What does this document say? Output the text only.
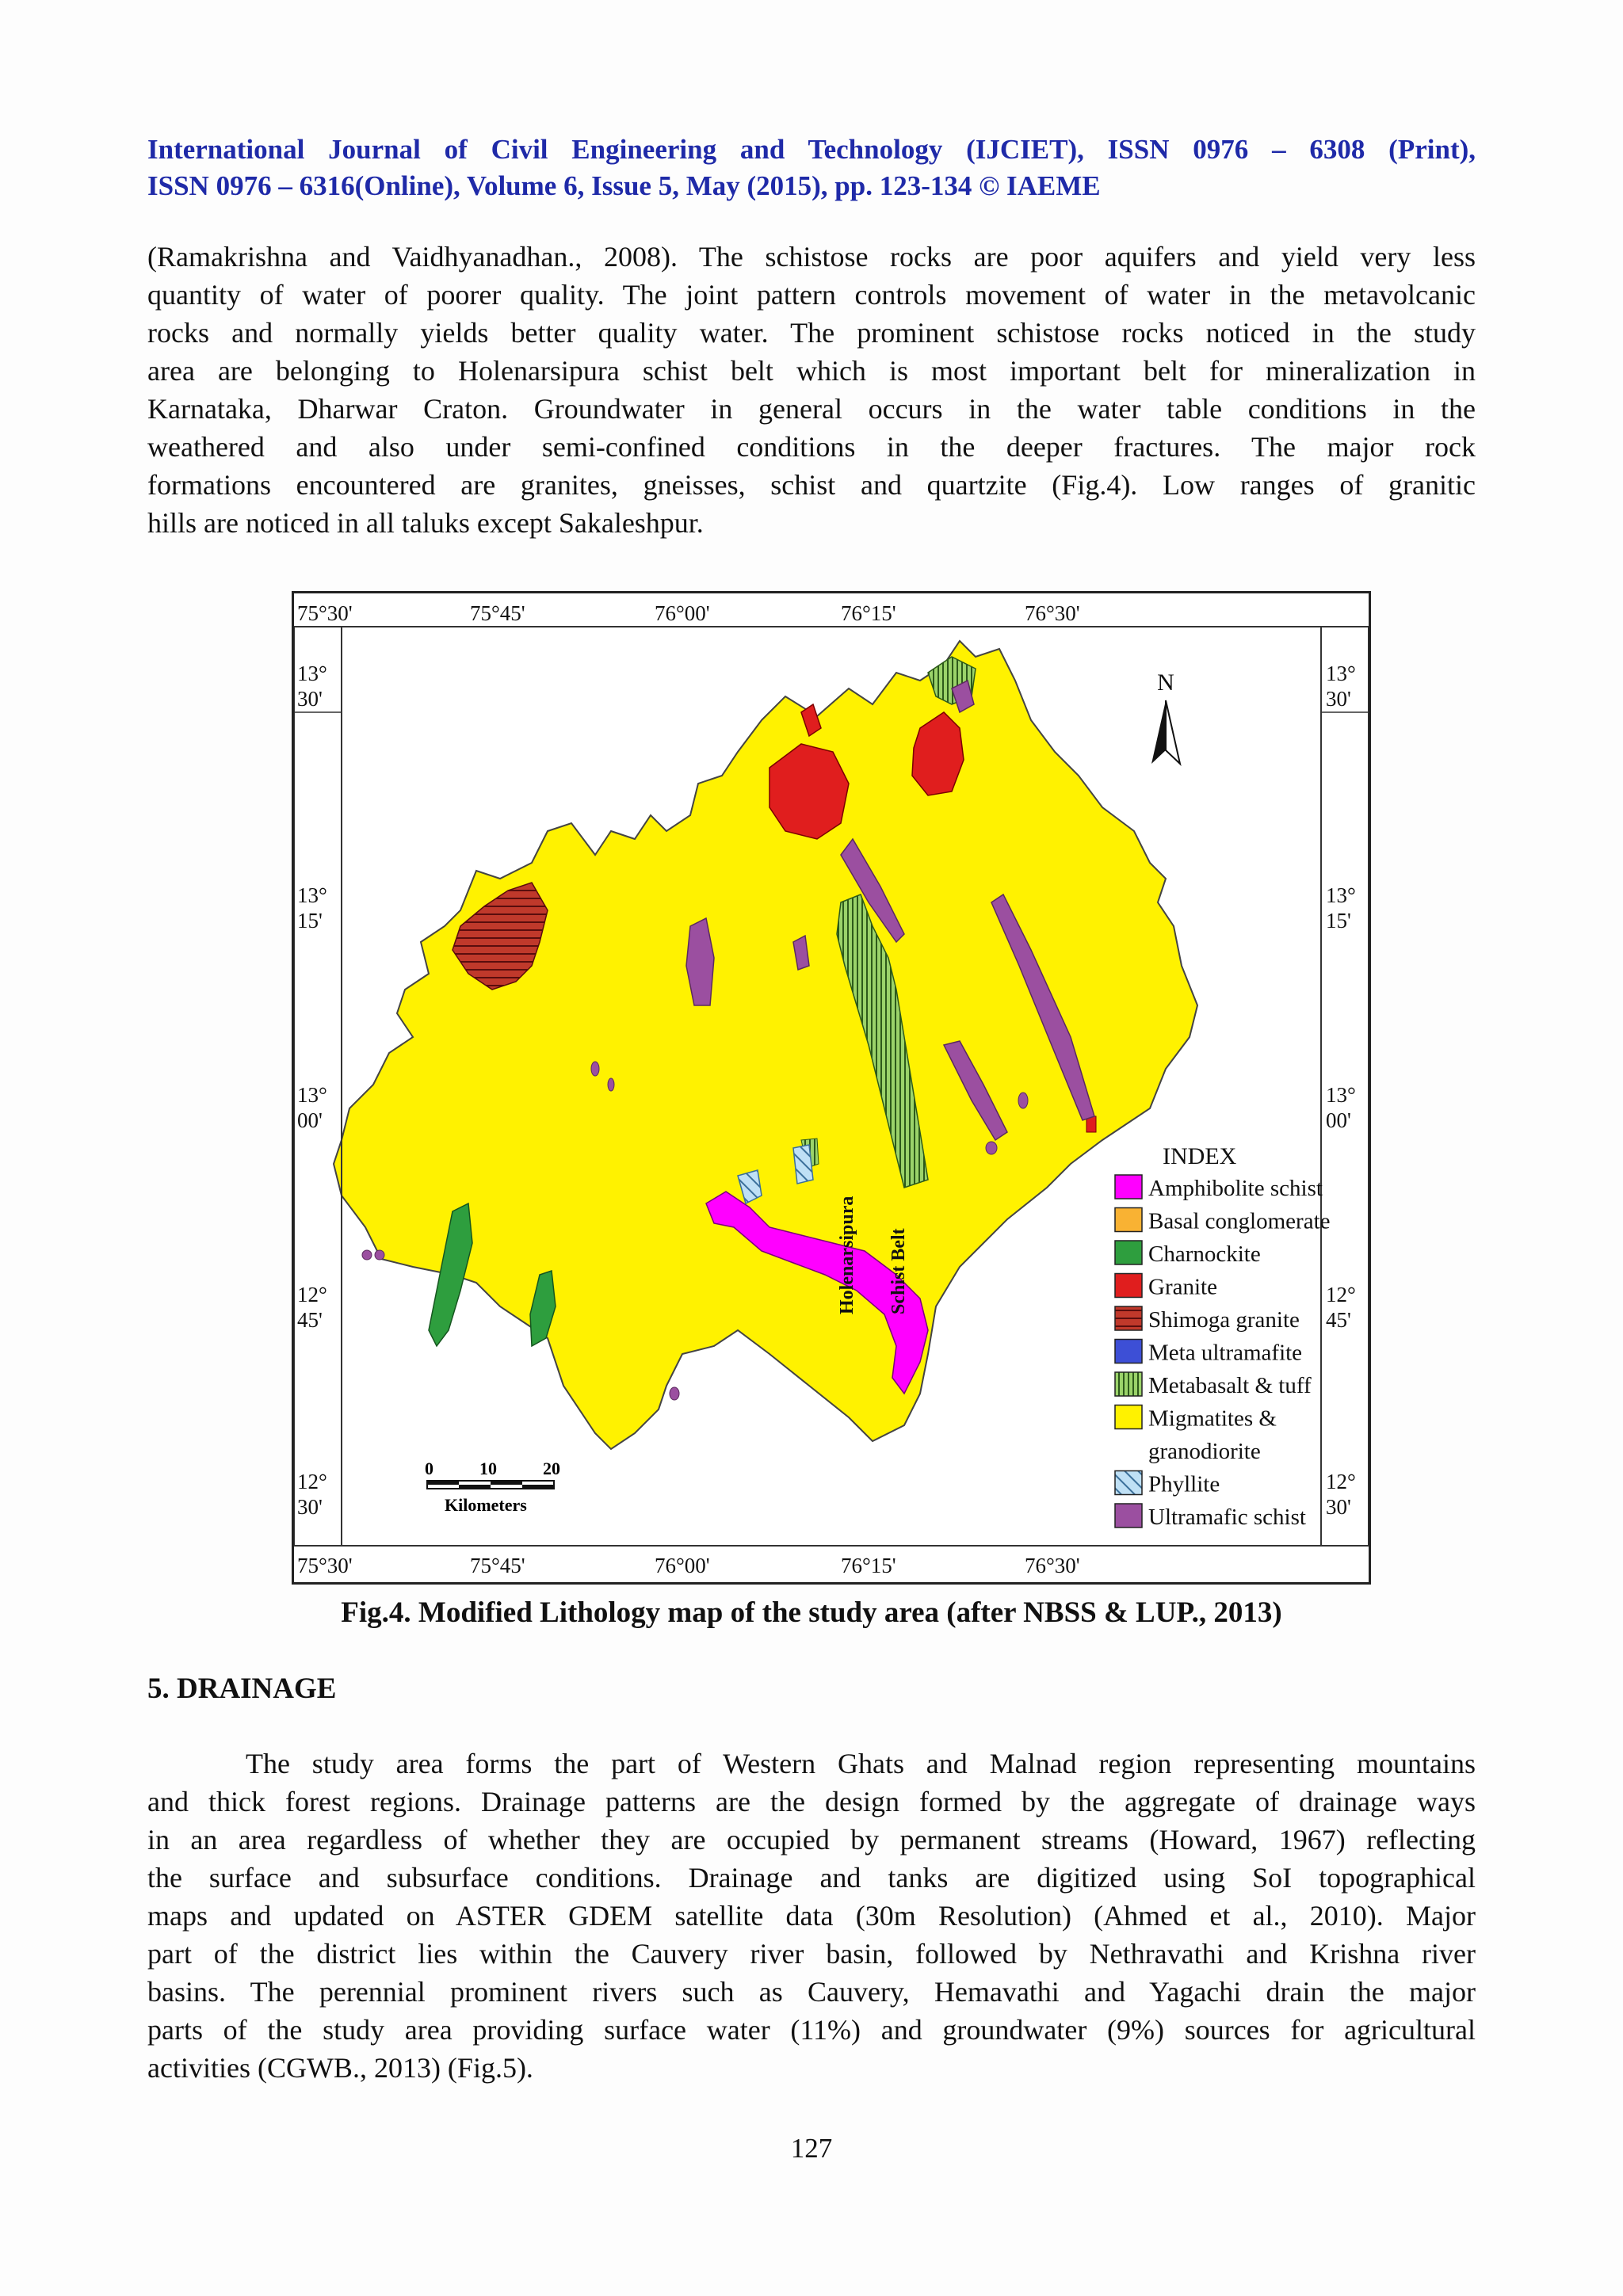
International Journal of Civil Engineering and Technology (IJCIET), ISSN 0976 – 6308 (Print),
ISSN 0976 – 6316(Online), Volume 6, Issue 5, May (2015), pp. 123-134 © IAEME
(Ramakrishna and Vaidhyanadhan., 2008). The schistose rocks are poor aquifers and yield very less
quantity of water of poorer quality. The joint pattern controls movement of water in the metavolcanic
rocks and normally yields better quality water. The prominent schistose rocks noticed in the study
area are belonging to Holenarsipura schist belt which is most important belt for mineralization in
Karnataka, Dharwar Craton. Groundwater in general occurs in the water table conditions in the
weathered and also under semi-confined conditions in the deeper fractures. The major rock
formations encountered are granites, gneisses, schist and quartzite (Fig.4). Low ranges of granitic
hills are noticed in all taluks except Sakaleshpur.
75°30'	75°45'	76°00'	76°15'	76°30'
75°30'	75°45'	76°00'	76°15'	76°30'
13°
30'
13°
15'
13°
00'
12°
45'
12°
30'
13°
30'
13°
15'
13°
00'
12°
45'
12°
30'
N
Holenarsipura Schist Belt
0	10	20
Kilometers
INDEX
Amphibolite schist
Basal conglomerate
Charnockite
Granite
Shimoga granite
Meta ultramafite
Metabasalt & tuff
Migmatites &
granodiorite
Phyllite
Ultramafic schist
Fig.4. Modified Lithology map of the study area (after NBSS & LUP., 2013)
5. DRAINAGE
The study area forms the part of Western Ghats and Malnad region representing mountains
and thick forest regions. Drainage patterns are the design formed by the aggregate of drainage ways
in an area regardless of whether they are occupied by permanent streams (Howard, 1967) reflecting
the surface and subsurface conditions. Drainage and tanks are digitized using SoI topographical
maps and updated on ASTER GDEM satellite data (30m Resolution) (Ahmed et al., 2010). Major
part of the district lies within the Cauvery river basin, followed by Nethravathi and Krishna river
basins. The perennial prominent rivers such as Cauvery, Hemavathi and Yagachi drain the major
parts of the study area providing surface water (11%) and groundwater (9%) sources for agricultural
activities (CGWB., 2013) (Fig.5).
127
